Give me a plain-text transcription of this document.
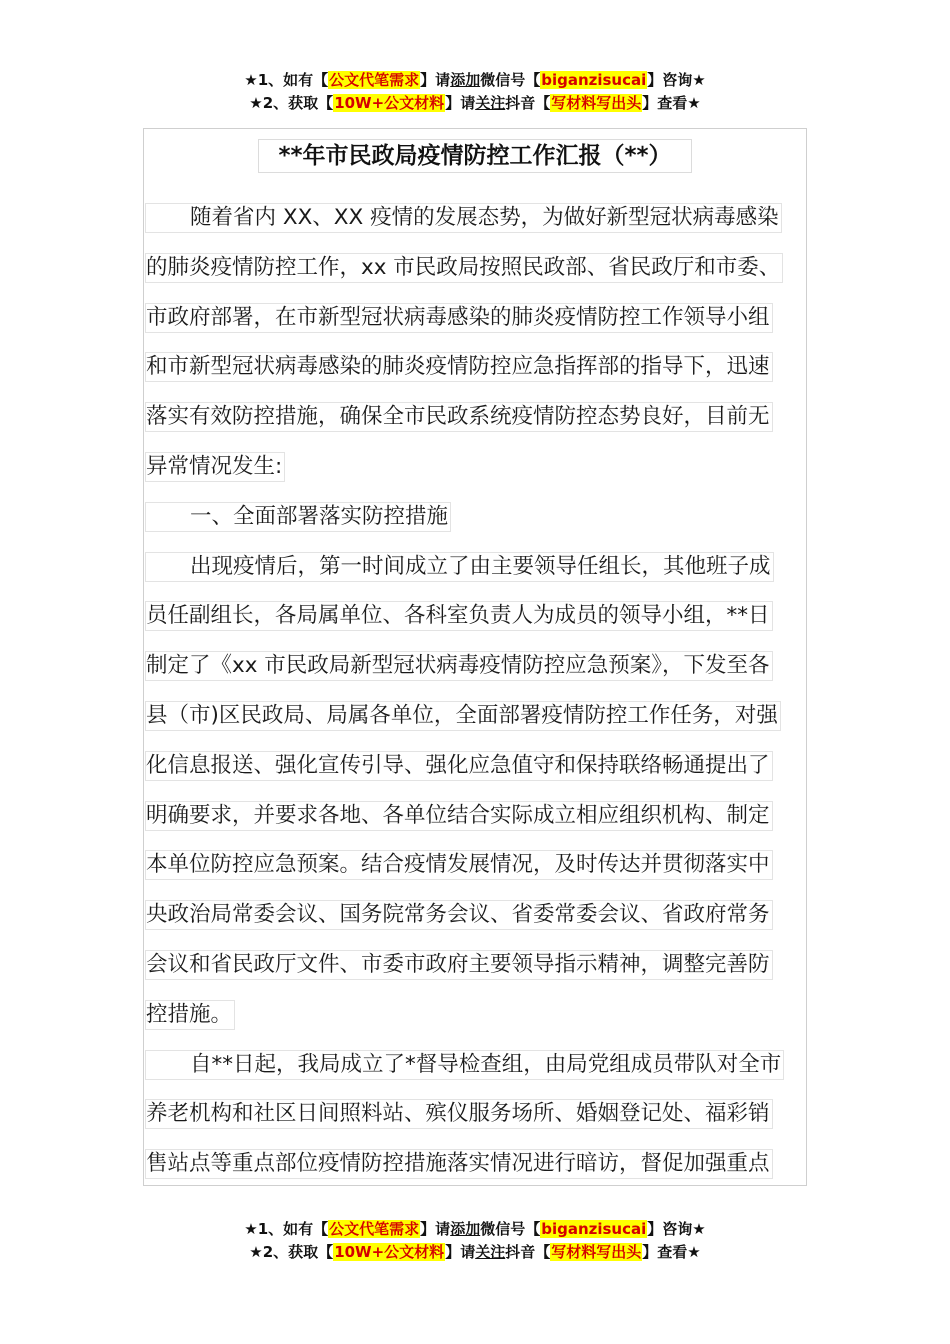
★1、如有【公文代笔需求】请添加微信号【biganzisucai】咨询★
★2、获取【10W+公文材料】请关注抖音【写材料写出头】查看★
**年市民政局疫情防控工作汇报（**）
随着省内 XX、XX 疫情的发展态势，为做好新型冠状病毒感染
的肺炎疫情防控工作，xx 市民政局按照民政部、省民政厅和市委、
市政府部署，在市新型冠状病毒感染的肺炎疫情防控工作领导小组
和市新型冠状病毒感染的肺炎疫情防控应急指挥部的指导下，迅速
落实有效防控措施，确保全市民政系统疫情防控态势良好，目前无
异常情况发生:
一、全面部署落实防控措施
出现疫情后，第一时间成立了由主要领导任组长，其他班子成
员任副组长，各局属单位、各科室负责人为成员的领导小组，**日
制定了《xx 市民政局新型冠状病毒疫情防控应急预案》，下发至各
县（市)区民政局、局属各单位，全面部署疫情防控工作任务，对强
化信息报送、强化宣传引导、强化应急值守和保持联络畅通提出了
明确要求，并要求各地、各单位结合实际成立相应组织机构、制定
本单位防控应急预案。结合疫情发展情况，及时传达并贯彻落实中
央政治局常委会议、国务院常务会议、省委常委会议、省政府常务
会议和省民政厅文件、市委市政府主要领导指示精神，调整完善防
控措施。
自**日起，我局成立了*督导检查组，由局党组成员带队对全市
养老机构和社区日间照料站、殡仪服务场所、婚姻登记处、福彩销
售站点等重点部位疫情防控措施落实情况进行暗访，督促加强重点
★1、如有【公文代笔需求】请添加微信号【biganzisucai】咨询★
★2、获取【10W+公文材料】请关注抖音【写材料写出头】查看★
